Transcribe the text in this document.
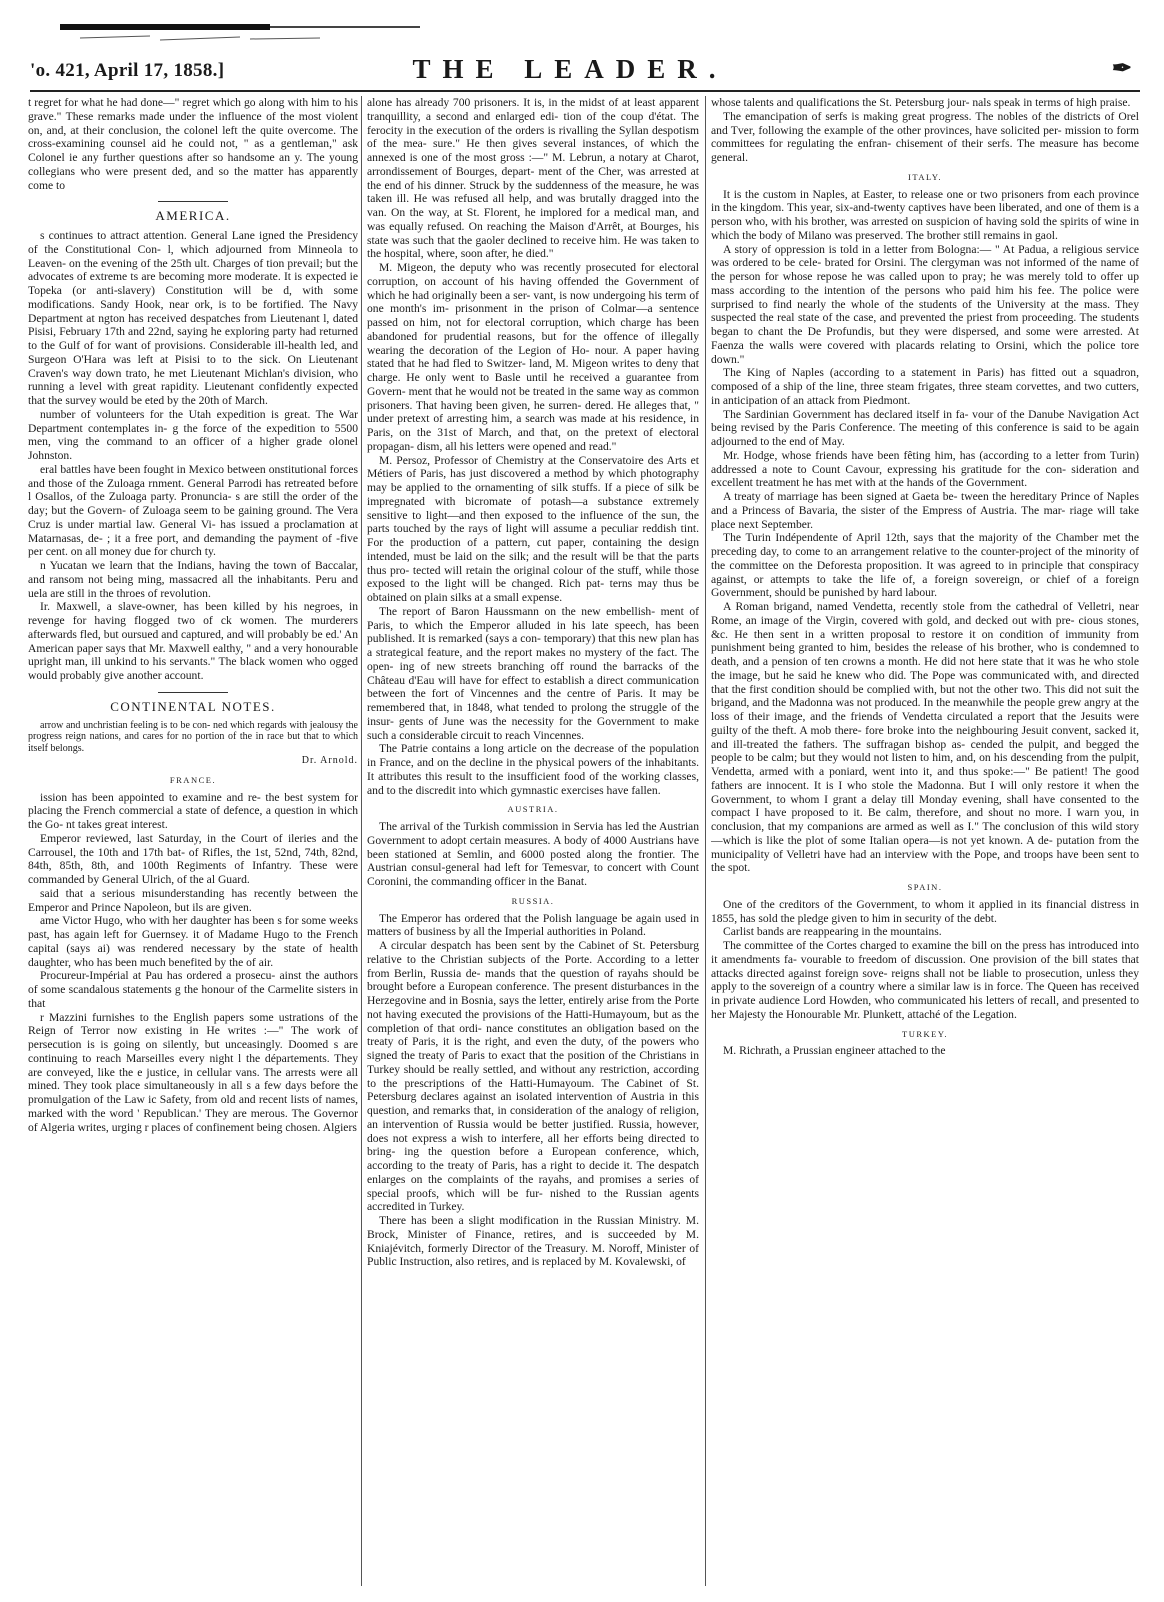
'o. 421, April 17, 1858.]	THE LEADER.	✒

t regret for what he had done—" regret which go along with him to his grave." These remarks made under the influence of the most violent on, and, at their conclusion, the colonel left the quite overcome. The cross-examining counsel aid he could not, " as a gentleman," ask Colonel ie any further questions after so handsome an y. The young collegians who were present ded, and so the matter has apparently come to

AMERICA.

s continues to attract attention. General Lane igned the Presidency of the Constitutional Con- l, which adjourned from Minneola to Leaven- on the evening of the 25th ult. Charges of tion prevail; but the advocates of extreme ts are becoming more moderate. It is expected ie Topeka (or anti-slavery) Constitution will be d, with some modifications. Sandy Hook, near ork, is to be fortified. The Navy Department at ngton has received despatches from Lieutenant l, dated Pisisi, February 17th and 22nd, saying he exploring party had returned to the Gulf of for want of provisions. Considerable ill-health led, and Surgeon O'Hara was left at Pisisi to to the sick. On Lieutenant Craven's way down trato, he met Lieutenant Michlan's division, who running a level with great rapidity. Lieutenant confidently expected that the survey would be eted by the 20th of March.

number of volunteers for the Utah expedition is great. The War Department contemplates in- g the force of the expedition to 5500 men, ving the command to an officer of a higher grade olonel Johnston.

eral battles have been fought in Mexico between onstitutional forces and those of the Zuloaga rnment. General Parrodi has retreated before l Osallos, of the Zuloaga party. Pronuncia- s are still the order of the day; but the Govern- of Zuloaga seem to be gaining ground. The Vera Cruz is under martial law. General Vi- has issued a proclamation at Matarnasas, de- ; it a free port, and demanding the payment of -five per cent. on all money due for church ty.

n Yucatan we learn that the Indians, having the town of Baccalar, and ransom not being ming, massacred all the inhabitants. Peru and uela are still in the throes of revolution.

Ir. Maxwell, a slave-owner, has been killed by his negroes, in revenge for having flogged two of ck women. The murderers afterwards fled, but oursued and captured, and will probably be ed.' An American paper says that Mr. Maxwell ealthy, " and a very honourable upright man, ill unkind to his servants." The black women who ogged would probably give another account.

CONTINENTAL NOTES.

arrow and unchristian feeling is to be con- ned which regards with jealousy the progress reign nations, and cares for no portion of the in race but that to which itself belongs.

Dr. Arnold.
FRANCE.

ission has been appointed to examine and re- the best system for placing the French commercial a state of defence, a question in which the Go- nt takes great interest.

Emperor reviewed, last Saturday, in the Court of ileries and the Carrousel, the 10th and 17th bat- of Rifles, the 1st, 52nd, 74th, 82nd, 84th, 85th, 8th, and 100th Regiments of Infantry. These were commanded by General Ulrich, of the al Guard.

said that a serious misunderstanding has recently between the Emperor and Prince Napoleon, but ils are given.

ame Victor Hugo, who with her daughter has been s for some weeks past, has again left for Guernsey. it of Madame Hugo to the French capital (says ai) was rendered necessary by the state of health daughter, who has been much benefited by the of air.

Procureur-Impérial at Pau has ordered a prosecu- ainst the authors of some scandalous statements g the honour of the Carmelite sisters in that

r Mazzini furnishes to the English papers some ustrations of the Reign of Terror now existing in He writes :—" The work of persecution is is going on silently, but unceasingly. Doomed s are continuing to reach Marseilles every night l the départements. They are conveyed, like the e justice, in cellular vans. The arrests were all mined. They took place simultaneously in all s a few days before the promulgation of the Law ic Safety, from old and recent lists of names, marked with the word ' Republican.' They are merous. The Governor of Algeria writes, urging r places of confinement being chosen. Algiers

alone has already 700 prisoners. It is, in the midst of at least apparent tranquillity, a second and enlarged edi- tion of the coup d'état. The ferocity in the execution of the orders is rivalling the Syllan despotism of the mea- sure." He then gives several instances, of which the annexed is one of the most gross :—" M. Lebrun, a notary at Charot, arrondissement of Bourges, depart- ment of the Cher, was arrested at the end of his dinner. Struck by the suddenness of the measure, he was taken ill. He was refused all help, and was brutally dragged into the van. On the way, at St. Florent, he implored for a medical man, and was equally refused. On reaching the Maison d'Arrêt, at Bourges, his state was such that the gaoler declined to receive him. He was taken to the hospital, where, soon after, he died."

M. Migeon, the deputy who was recently prosecuted for electoral corruption, on account of his having offended the Government of which he had originally been a ser- vant, is now undergoing his term of one month's im- prisonment in the prison of Colmar—a sentence passed on him, not for electoral corruption, which charge has been abandoned for prudential reasons, but for the offence of illegally wearing the decoration of the Legion of Ho- nour. A paper having stated that he had fled to Switzer- land, M. Migeon writes to deny that charge. He only went to Basle until he received a guarantee from Govern- ment that he would not be treated in the same way as common prisoners. That having been given, he surren- dered. He alleges that, " under pretext of arresting him, a search was made at his residence, in Paris, on the 31st of March, and that, on the pretext of electoral propagan- dism, all his letters were opened and read."

M. Persoz, Professor of Chemistry at the Conservatoire des Arts et Métiers of Paris, has just discovered a method by which photography may be applied to the ornamenting of silk stuffs. If a piece of silk be impregnated with bicromate of potash—a substance extremely sensitive to light—and then exposed to the influence of the sun, the parts touched by the rays of light will assume a peculiar reddish tint. For the production of a pattern, cut paper, containing the design intended, must be laid on the silk; and the result will be that the parts thus pro- tected will retain the original colour of the stuff, while those exposed to the light will be changed. Rich pat- terns may thus be obtained on plain silks at a small expense.

The report of Baron Haussmann on the new embellish- ment of Paris, to which the Emperor alluded in his late speech, has been published. It is remarked (says a con- temporary) that this new plan has a strategical feature, and the report makes no mystery of the fact. The open- ing of new streets branching off round the barracks of the Château d'Eau will have for effect to establish a direct communication between the fort of Vincennes and the centre of Paris. It may be remembered that, in 1848, what tended to prolong the struggle of the insur- gents of June was the necessity for the Government to make such a considerable circuit to reach Vincennes.

The Patrie contains a long article on the decrease of the population in France, and on the decline in the physical powers of the inhabitants. It attributes this result to the insufficient food of the working classes, and to the discredit into which gymnastic exercises have fallen.

AUSTRIA.

The arrival of the Turkish commission in Servia has led the Austrian Government to adopt certain measures. A body of 4000 Austrians have been stationed at Semlin, and 6000 posted along the frontier. The Austrian consul-general had left for Temesvar, to concert with Count Coronini, the commanding officer in the Banat.

RUSSIA.

The Emperor has ordered that the Polish language be again used in matters of business by all the Imperial authorities in Poland.

A circular despatch has been sent by the Cabinet of St. Petersburg relative to the Christian subjects of the Porte. According to a letter from Berlin, Russia de- mands that the question of rayahs should be brought before a European conference. The present disturbances in the Herzegovine and in Bosnia, says the letter, entirely arise from the Porte not having executed the provisions of the Hatti-Humayoum, but as the completion of that ordi- nance constitutes an obligation based on the treaty of Paris, it is the right, and even the duty, of the powers who signed the treaty of Paris to exact that the position of the Christians in Turkey should be really settled, and without any restriction, according to the prescriptions of the Hatti-Humayoum. The Cabinet of St. Petersburg declares against an isolated intervention of Austria in this question, and remarks that, in consideration of the analogy of religion, an intervention of Russia would be better justified. Russia, however, does not express a wish to interfere, all her efforts being directed to bring- ing the question before a European conference, which, according to the treaty of Paris, has a right to decide it. The despatch enlarges on the complaints of the rayahs, and promises a series of special proofs, which will be fur- nished to the Russian agents accredited in Turkey.

There has been a slight modification in the Russian Ministry. M. Brock, Minister of Finance, retires, and is succeeded by M. Kniajévitch, formerly Director of the Treasury. M. Noroff, Minister of Public Instruction, also retires, and is replaced by M. Kovalewski, of

whose talents and qualifications the St. Petersburg jour- nals speak in terms of high praise.

The emancipation of serfs is making great progress. The nobles of the districts of Orel and Tver, following the example of the other provinces, have solicited per- mission to form committees for regulating the enfran- chisement of their serfs. The measure has become general.

ITALY.

It is the custom in Naples, at Easter, to release one or two prisoners from each province in the kingdom. This year, six-and-twenty captives have been liberated, and one of them is a person who, with his brother, was arrested on suspicion of having sold the spirits of wine in which the body of Milano was preserved. The brother still remains in gaol.

A story of oppression is told in a letter from Bologna:— " At Padua, a religious service was ordered to be cele- brated for Orsini. The clergyman was not informed of the name of the person for whose repose he was called upon to pray; he was merely told to offer up mass according to the intention of the persons who paid him his fee. The police were surprised to find nearly the whole of the students of the University at the mass. They suspected the real state of the case, and prevented the priest from proceeding. The students began to chant the De Profundis, but they were dispersed, and some were arrested. At Faenza the walls were covered with placards relating to Orsini, which the police tore down."

The King of Naples (according to a statement in Paris) has fitted out a squadron, composed of a ship of the line, three steam frigates, three steam corvettes, and two cutters, in anticipation of an attack from Piedmont.

The Sardinian Government has declared itself in fa- vour of the Danube Navigation Act being revised by the Paris Conference. The meeting of this conference is said to be again adjourned to the end of May.

Mr. Hodge, whose friends have been fêting him, has (according to a letter from Turin) addressed a note to Count Cavour, expressing his gratitude for the con- sideration and excellent treatment he has met with at the hands of the Government.

A treaty of marriage has been signed at Gaeta be- tween the hereditary Prince of Naples and a Princess of Bavaria, the sister of the Empress of Austria. The mar- riage will take place next September.

The Turin Indépendente of April 12th, says that the majority of the Chamber met the preceding day, to come to an arrangement relative to the counter-project of the minority of the committee on the Deforesta proposition. It was agreed to in principle that conspiracy against, or attempts to take the life of, a foreign sovereign, or chief of a foreign Government, should be punished by hard labour.

A Roman brigand, named Vendetta, recently stole from the cathedral of Velletri, near Rome, an image of the Virgin, covered with gold, and decked out with pre- cious stones, &c. He then sent in a written proposal to restore it on condition of immunity from punishment being granted to him, besides the release of his brother, who is condemned to death, and a pension of ten crowns a month. He did not here state that it was he who stole the image, but he said he knew who did. The Pope was communicated with, and directed that the first condition should be complied with, but not the other two. This did not suit the brigand, and the Madonna was not produced. In the meanwhile the people grew angry at the loss of their image, and the friends of Vendetta circulated a report that the Jesuits were guilty of the theft. A mob there- fore broke into the neighbouring Jesuit convent, sacked it, and ill-treated the fathers. The suffragan bishop as- cended the pulpit, and begged the people to be calm; but they would not listen to him, and, on his descending from the pulpit, Vendetta, armed with a poniard, went into it, and thus spoke:—" Be patient! The good fathers are innocent. It is I who stole the Madonna. But I will only restore it when the Government, to whom I grant a delay till Monday evening, shall have consented to the compact I have proposed to it. Be calm, therefore, and shout no more. I warn you, in conclusion, that my companions are armed as well as I." The conclusion of this wild story—which is like the plot of some Italian opera—is not yet known. A de- putation from the municipality of Velletri have had an interview with the Pope, and troops have been sent to the spot.

SPAIN.

One of the creditors of the Government, to whom it applied in its financial distress in 1855, has sold the pledge given to him in security of the debt.

Carlist bands are reappearing in the mountains.

The committee of the Cortes charged to examine the bill on the press has introduced into it amendments fa- vourable to freedom of discussion. One provision of the bill states that attacks directed against foreign sove- reigns shall not be liable to prosecution, unless they apply to the sovereign of a country where a similar law is in force. The Queen has received in private audience Lord Howden, who communicated his letters of recall, and presented to her Majesty the Honourable Mr. Plunkett, attaché of the Legation.

TURKEY.

M. Richrath, a Prussian engineer attached to the
